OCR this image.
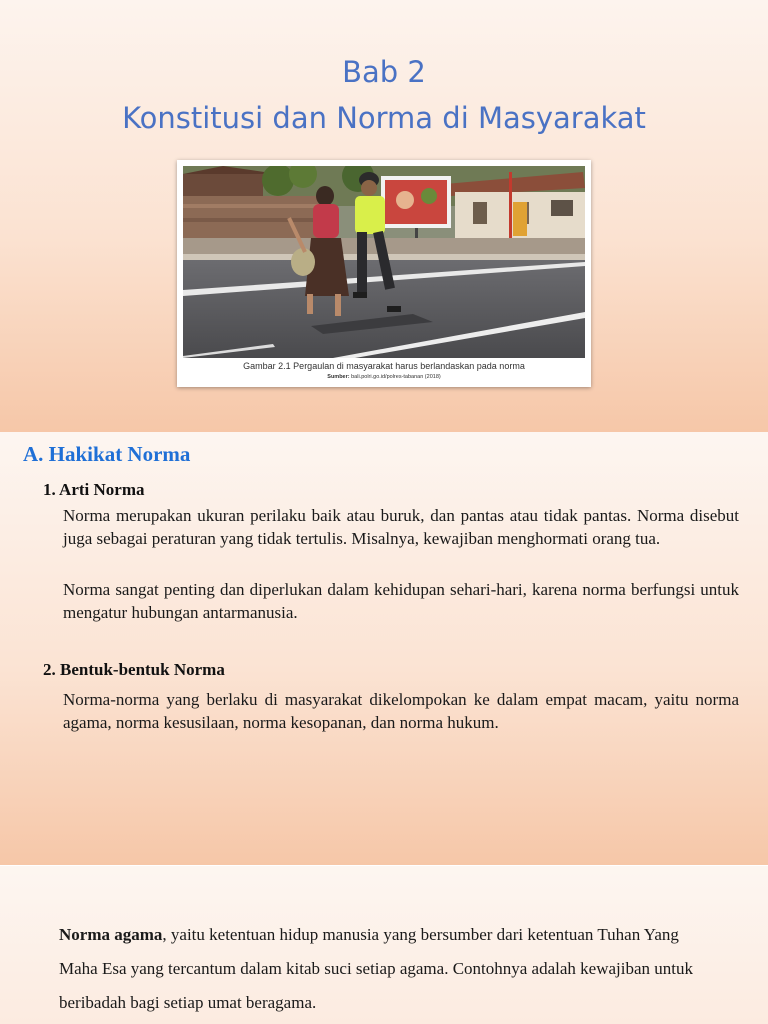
Bab 2
Konstitusi dan Norma di Masyarakat
Gambar 2.1 Pergaulan di masyarakat harus berlandaskan pada norma
Sumber: bali.polri.go.id/polres-tabanan (2018)
A. Hakikat Norma
1. Arti Norma

Norma merupakan ukuran perilaku baik atau buruk, dan pantas atau tidak pantas. Norma disebut juga sebagai peraturan yang tidak tertulis. Misalnya, kewajiban menghormati orang tua.

Norma sangat penting dan diperlukan dalam kehidupan sehari-hari, karena norma berfungsi untuk mengatur hubungan antarmanusia.

2. Bentuk-bentuk Norma

Norma-norma yang berlaku di masyarakat dikelompokan ke dalam empat macam, yaitu norma agama, norma kesusilaan, norma kesopanan, dan norma hukum.

Norma agama, yaitu ketentuan hidup manusia yang bersumber dari ketentuan Tuhan Yang Maha Esa yang tercantum dalam kitab suci setiap agama. Contohnya adalah kewajiban untuk beribadah bagi setiap umat beragama.
